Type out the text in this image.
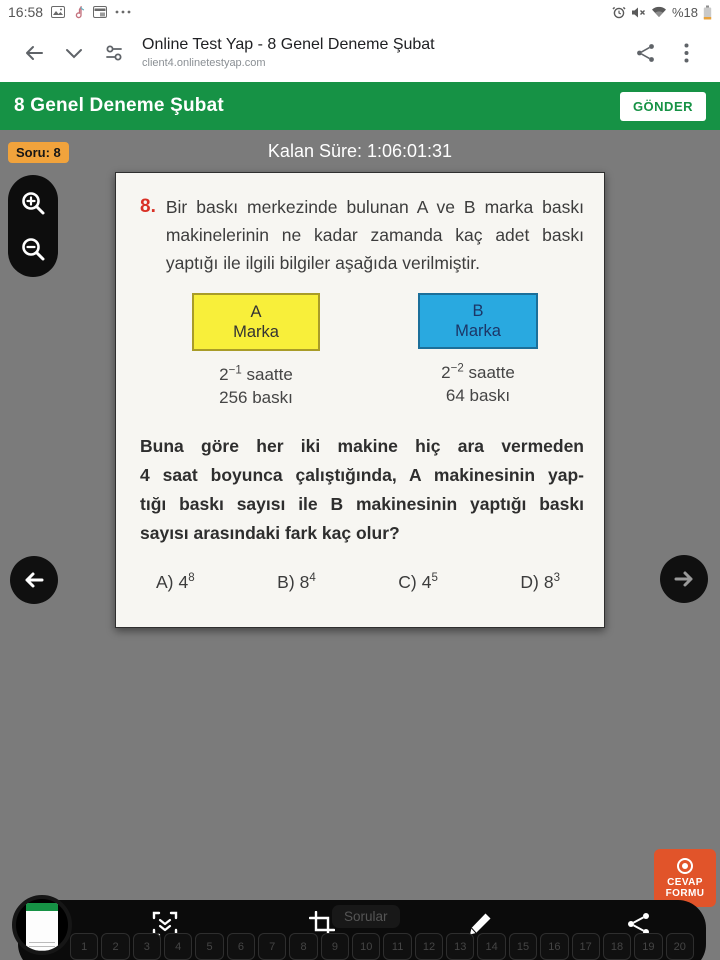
16:58	%18
Online Test Yap - 8 Genel Deneme Şubat
client4.onlinetestyap.com
8 Genel Deneme Şubat	GÖNDER
Soru: 8	Kalan Süre: 1:06:01:31
8. Bir baskı merkezinde bulunan A ve B marka baskı
makinelerinin ne kadar zamanda kaç adet baskı
yaptığı ile ilgili bilgiler aşağıda verilmiştir.
A
Marka
$2^{-1}$ saatte
256 baskı
B
Marka
$2^{-2}$ saatte
64 baskı
Buna göre her iki makine hiç ara vermeden
4 saat boyunca çalıştığında, A makinesinin yap-
tığı baskı sayısı ile B makinesinin yaptığı baskı
sayısı arasındaki fark kaç olur?
A) $4^8$	B) $8^4$	C) $4^5$	D) $8^3$
CEVAP
FORMU
Sorular
1	2	3	4	5	6	7	8	9	10	11	12	13	14	15	16	17	18	19	20
